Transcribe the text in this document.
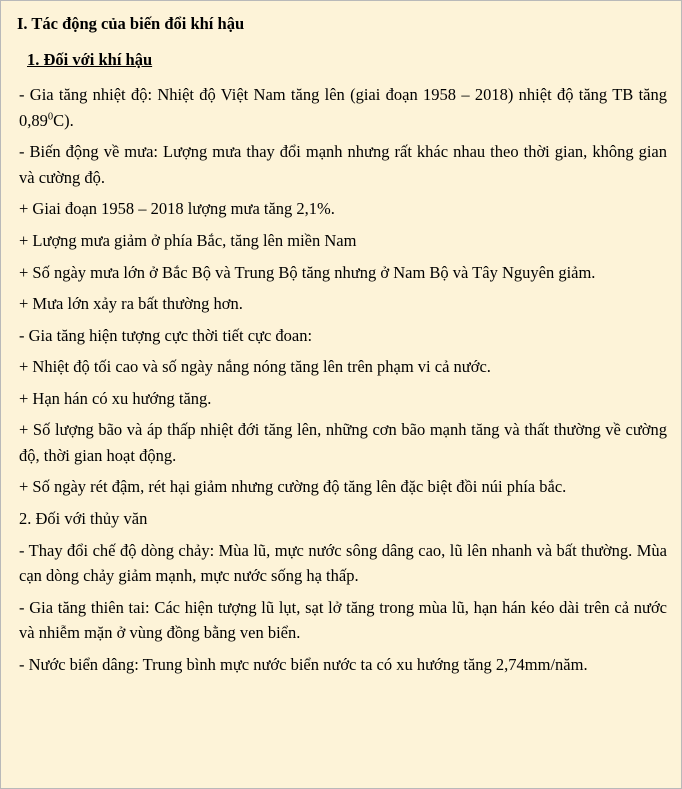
I. Tác động của biến đổi khí hậu

1. Đối với khí hậu

- Gia tăng nhiệt độ: Nhiệt độ Việt Nam tăng lên (giai đoạn 1958 – 2018) nhiệt độ tăng TB tăng 0,89$^0$C).

- Biến động về mưa: Lượng mưa thay đổi mạnh nhưng rất khác nhau theo thời gian, không gian và cường độ.

+ Giai đoạn 1958 – 2018 lượng mưa tăng 2,1%.

+ Lượng mưa giảm ở phía Bắc, tăng lên miền Nam

+ Số ngày mưa lớn ở Bắc Bộ và Trung Bộ tăng nhưng ở Nam Bộ và Tây Nguyên giảm.

+ Mưa lớn xảy ra bất thường hơn.

- Gia tăng hiện tượng cực thời tiết cực đoan:

+ Nhiệt độ tối cao và số ngày nắng nóng tăng lên trên phạm vi cả nước.

+ Hạn hán có xu hướng tăng.

+ Số lượng bão và áp thấp nhiệt đới tăng lên, những cơn bão mạnh tăng và thất thường về cường độ, thời gian hoạt động.

+ Số ngày rét đậm, rét hại giảm nhưng cường độ tăng lên đặc biệt đồi núi phía bắc.

2. Đối với thủy văn

- Thay đổi chế độ dòng chảy: Mùa lũ, mực nước sông dâng cao, lũ lên nhanh và bất thường. Mùa cạn dòng chảy giảm mạnh, mực nước sống hạ thấp.

- Gia tăng thiên tai: Các hiện tượng lũ lụt, sạt lở tăng trong mùa lũ, hạn hán kéo dài trên cả nước và nhiễm mặn ở vùng đồng bằng ven biển.

- Nước biển dâng: Trung bình mực nước biển nước ta có xu hướng tăng 2,74mm/năm.
